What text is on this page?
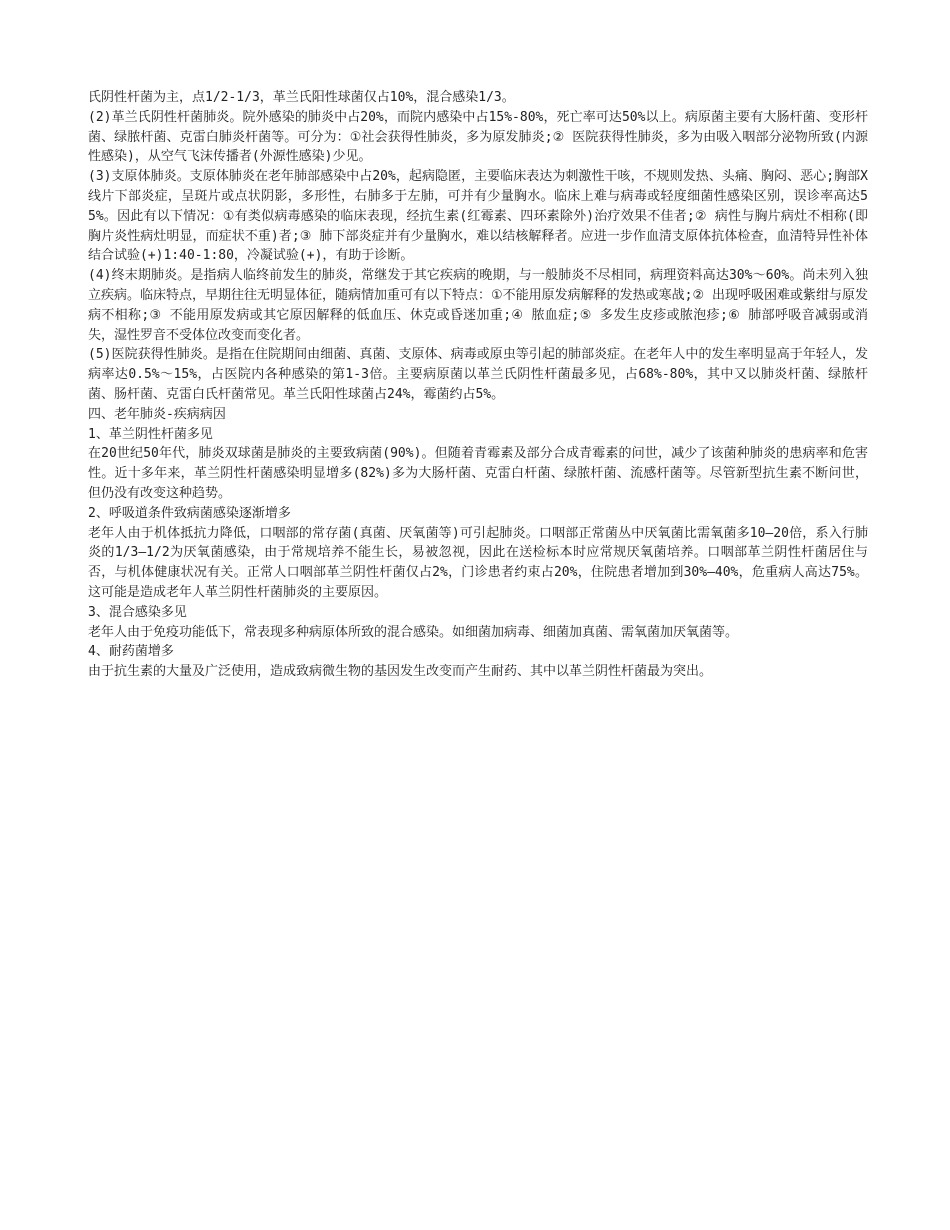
氏阴性杆菌为主，点1/2-1/3，革兰氏阳性球菌仅占10%，混合感染1/3。

(2)革兰氏阴性杆菌肺炎。院外感染的肺炎中占20%，而院内感染中占15%-80%，死亡率可达50%以上。病原菌主要有大肠杆菌、变形杆菌、绿脓杆菌、克雷白肺炎杆菌等。可分为：①社会获得性肺炎，多为原发肺炎;② 医院获得性肺炎，多为由吸入咽部分泌物所致(内源性感染)，从空气飞沫传播者(外源性感染)少见。

(3)支原体肺炎。支原体肺炎在老年肺部感染中占20%，起病隐匿，主要临床表达为刺激性干咳，不规则发热、头痛、胸闷、恶心;胸部X线片下部炎症，呈斑片或点状阴影，多形性，右肺多于左肺，可并有少量胸水。临床上难与病毒或轻度细菌性感染区别，误诊率高达55%。因此有以下情况：①有类似病毒感染的临床表现，经抗生素(红霉素、四环素除外)治疗效果不佳者;② 病性与胸片病灶不相称(即胸片炎性病灶明显，而症状不重)者;③ 肺下部炎症并有少量胸水，难以结核解释者。应进一步作血清支原体抗体检查，血清特异性补体结合试验(+)1:40-1:80，冷凝试验(+)，有助于诊断。

(4)终末期肺炎。是指病人临终前发生的肺炎，常继发于其它疾病的晚期，与一般肺炎不尽相同，病理资料高达30%～60%。尚未列入独立疾病。临床特点，早期往往无明显体征，随病情加重可有以下特点：①不能用原发病解释的发热或寒战;② 出现呼吸困难或紫绀与原发病不相称;③ 不能用原发病或其它原因解释的低血压、休克或昏迷加重;④ 脓血症;⑤ 多发生皮疹或脓泡疹;⑥ 肺部呼吸音减弱或消失，湿性罗音不受体位改变而变化者。

(5)医院获得性肺炎。是指在住院期间由细菌、真菌、支原体、病毒或原虫等引起的肺部炎症。在老年人中的发生率明显高于年轻人，发病率达0.5%～15%，占医院内各种感染的第1-3倍。主要病原菌以革兰氏阴性杆菌最多见，占68%-80%，其中又以肺炎杆菌、绿脓杆菌、肠杆菌、克雷白氏杆菌常见。革兰氏阳性球菌占24%，霉菌约占5%。

四、老年肺炎-疾病病因
1、革兰阴性杆菌多见

在20世纪50年代，肺炎双球菌是肺炎的主要致病菌(90%)。但随着青霉素及部分合成青霉素的问世，减少了该菌种肺炎的患病率和危害性。近十多年来，革兰阴性杆菌感染明显增多(82%)多为大肠杆菌、克雷白杆菌、绿脓杆菌、流感杆菌等。尽管新型抗生素不断问世，但仍没有改变这种趋势。

2、呼吸道条件致病菌感染逐渐增多

老年人由于机体抵抗力降低，口咽部的常存菌(真菌、厌氧菌等)可引起肺炎。口咽部正常菌丛中厌氧菌比需氧菌多10—20倍，系入行肺炎的1/3—1/2为厌氧菌感染，由于常规培养不能生长，易被忽视，因此在送检标本时应常规厌氧菌培养。口咽部革兰阴性杆菌居住与否，与机体健康状况有关。正常人口咽部革兰阴性杆菌仅占2%，门诊患者约束占20%，住院患者增加到30%—40%，危重病人高达75%。这可能是造成老年人革兰阴性杆菌肺炎的主要原因。

3、混合感染多见

老年人由于免疫功能低下，常表现多种病原体所致的混合感染。如细菌加病毒、细菌加真菌、需氧菌加厌氧菌等。

4、耐药菌增多

由于抗生素的大量及广泛使用，造成致病微生物的基因发生改变而产生耐药、其中以革兰阴性杆菌最为突出。
